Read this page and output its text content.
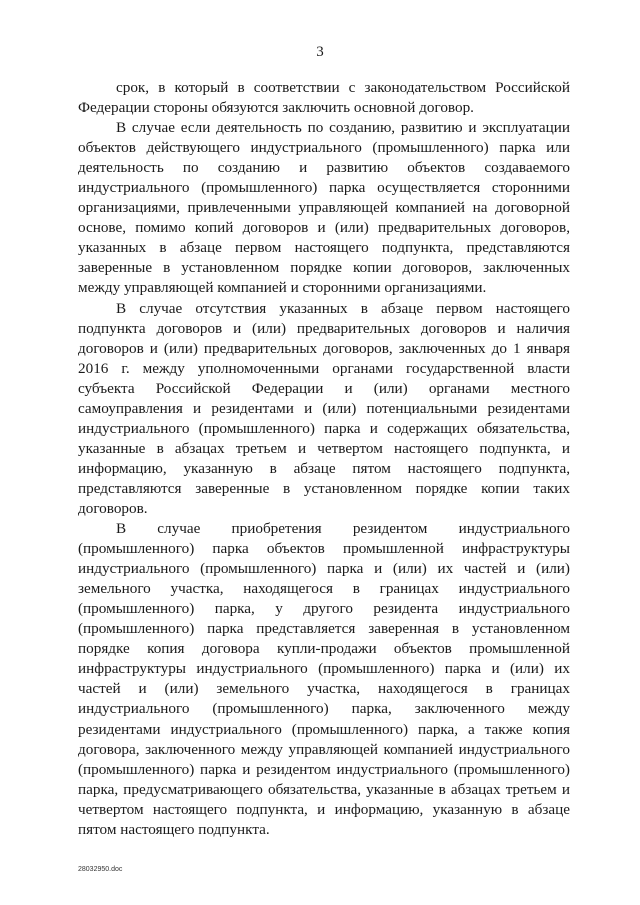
3

срок, в который в соответствии с законодательством Российской Федерации стороны обязуются заключить основной договор.

В случае если деятельность по созданию, развитию и эксплуатации объектов действующего индустриального (промышленного) парка или деятельность по созданию и развитию объектов создаваемого индустриального (промышленного) парка осуществляется сторонними организациями, привлеченными управляющей компанией на договорной основе, помимо копий договоров и (или) предварительных договоров, указанных в абзаце первом настоящего подпункта, представляются заверенные в установленном порядке копии договоров, заключенных между управляющей компанией и сторонними организациями.

В случае отсутствия указанных в абзаце первом настоящего подпункта договоров и (или) предварительных договоров и наличия договоров и (или) предварительных договоров, заключенных до 1 января 2016 г. между уполномоченными органами государственной власти субъекта Российской Федерации и (или) органами местного самоуправления и резидентами и (или) потенциальными резидентами индустриального (промышленного) парка и содержащих обязательства, указанные в абзацах третьем и четвертом настоящего подпункта, и информацию, указанную в абзаце пятом настоящего подпункта, представляются заверенные в установленном порядке копии таких договоров.

В случае приобретения резидентом индустриального (промышленного) парка объектов промышленной инфраструктуры индустриального (промышленного) парка и (или) их частей и (или) земельного участка, находящегося в границах индустриального (промышленного) парка, у другого резидента индустриального (промышленного) парка представляется заверенная в установленном порядке копия договора купли-продажи объектов промышленной инфраструктуры индустриального (промышленного) парка и (или) их частей и (или) земельного участка, находящегося в границах индустриального (промышленного) парка, заключенного между резидентами индустриального (промышленного) парка, а также копия договора, заключенного между управляющей компанией индустриального (промышленного) парка и резидентом индустриального (промышленного) парка, предусматривающего обязательства, указанные в абзацах третьем и четвертом настоящего подпункта, и информацию, указанную в абзаце пятом настоящего подпункта.

28032950.doc
